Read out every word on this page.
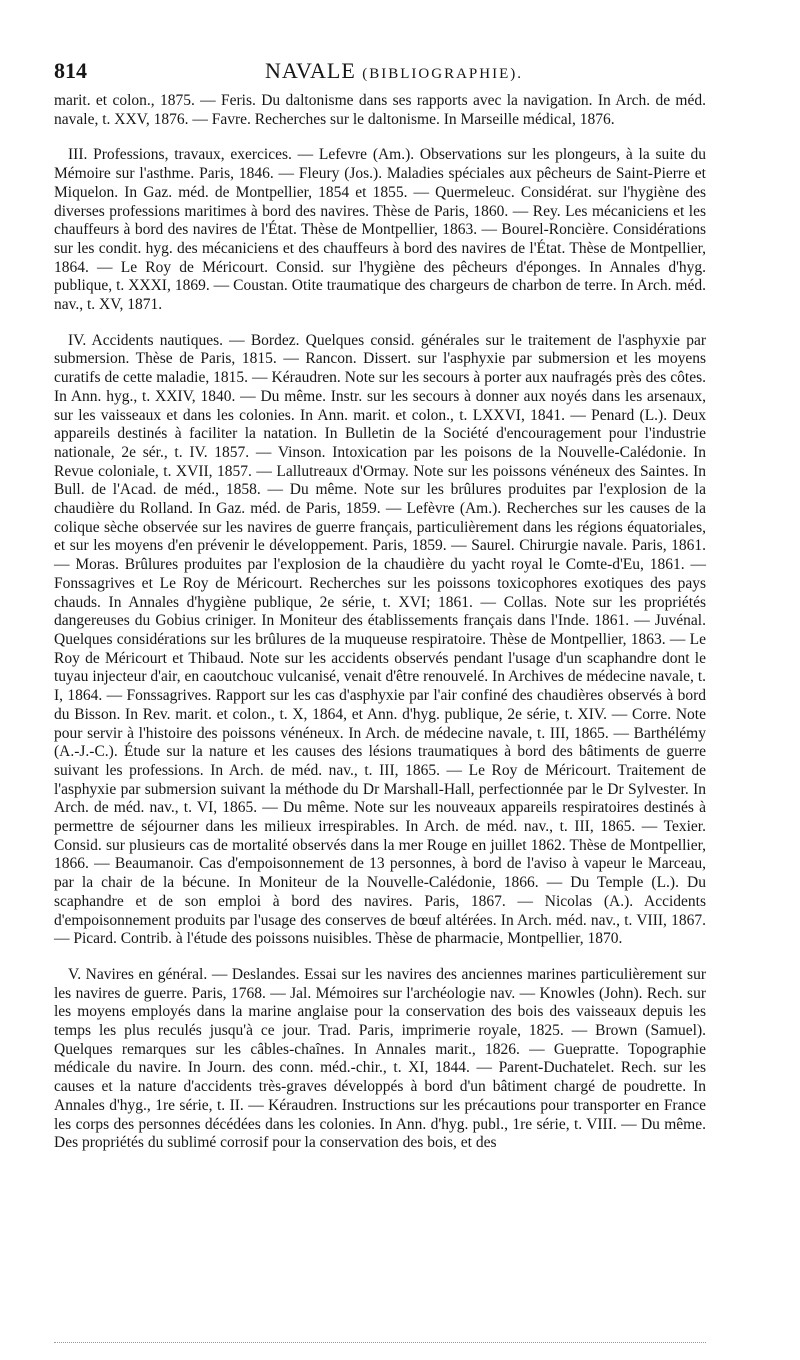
814	NAVALE (BIBLIOGRAPHIE).

marit. et colon., 1875. — Feris. Du daltonisme dans ses rapports avec la navigation. In Arch. de méd. navale, t. XXV, 1876. — Favre. Recherches sur le daltonisme. In Marseille médical, 1876.

III. Professions, travaux, exercices. — Lefevre (Am.). Observations sur les plongeurs, à la suite du Mémoire sur l'asthme. Paris, 1846. — Fleury (Jos.). Maladies spéciales aux pêcheurs de Saint-Pierre et Miquelon. In Gaz. méd. de Montpellier, 1854 et 1855. — Quermeleuc. Considérat. sur l'hygiène des diverses professions maritimes à bord des navires. Thèse de Paris, 1860. — Rey. Les mécaniciens et les chauffeurs à bord des navires de l'État. Thèse de Montpellier, 1863. — Bourel-Roncière. Considérations sur les condit. hyg. des mécaniciens et des chauffeurs à bord des navires de l'État. Thèse de Montpellier, 1864. — Le Roy de Méricourt. Consid. sur l'hygiène des pêcheurs d'éponges. In Annales d'hyg. publique, t. XXXI, 1869. — Coustan. Otite traumatique des chargeurs de charbon de terre. In Arch. méd. nav., t. XV, 1871.

IV. Accidents nautiques. — Bordez. Quelques consid. générales sur le traitement de l'asphyxie par submersion. Thèse de Paris, 1815. — Rancon. Dissert. sur l'asphyxie par submersion et les moyens curatifs de cette maladie, 1815. — Kéraudren. Note sur les secours à porter aux naufragés près des côtes. In Ann. hyg., t. XXIV, 1840. — Du même. Instr. sur les secours à donner aux noyés dans les arsenaux, sur les vaisseaux et dans les colonies. In Ann. marit. et colon., t. LXXVI, 1841. — Penard (L.). Deux appareils destinés à faciliter la natation. In Bulletin de la Société d'encouragement pour l'industrie nationale, 2e sér., t. IV. 1857. — Vinson. Intoxication par les poisons de la Nouvelle-Calédonie. In Revue coloniale, t. XVII, 1857. — Lallutreaux d'Ormay. Note sur les poissons vénéneux des Saintes. In Bull. de l'Acad. de méd., 1858. — Du même. Note sur les brûlures produites par l'explosion de la chaudière du Rolland. In Gaz. méd. de Paris, 1859. — Lefèvre (Am.). Recherches sur les causes de la colique sèche observée sur les navires de guerre français, particulièrement dans les régions équatoriales, et sur les moyens d'en prévenir le développement. Paris, 1859. — Saurel. Chirurgie navale. Paris, 1861. — Moras. Brûlures produites par l'explosion de la chaudière du yacht royal le Comte-d'Eu, 1861. — Fonssagrives et Le Roy de Méricourt. Recherches sur les poissons toxicophores exotiques des pays chauds. In Annales d'hygiène publique, 2e série, t. XVI; 1861. — Collas. Note sur les propriétés dangereuses du Gobius criniger. In Moniteur des établissements français dans l'Inde. 1861. — Juvénal. Quelques considérations sur les brûlures de la muqueuse respiratoire. Thèse de Montpellier, 1863. — Le Roy de Méricourt et Thibaud. Note sur les accidents observés pendant l'usage d'un scaphandre dont le tuyau injecteur d'air, en caoutchouc vulcanisé, venait d'être renouvelé. In Archives de médecine navale, t. I, 1864. — Fonssagrives. Rapport sur les cas d'asphyxie par l'air confiné des chaudières observés à bord du Bisson. In Rev. marit. et colon., t. X, 1864, et Ann. d'hyg. publique, 2e série, t. XIV. — Corre. Note pour servir à l'histoire des poissons vénéneux. In Arch. de médecine navale, t. III, 1865. — Barthélémy (A.-J.-C.). Étude sur la nature et les causes des lésions traumatiques à bord des bâtiments de guerre suivant les professions. In Arch. de méd. nav., t. III, 1865. — Le Roy de Méricourt. Traitement de l'asphyxie par submersion suivant la méthode du Dr Marshall-Hall, perfectionnée par le Dr Sylvester. In Arch. de méd. nav., t. VI, 1865. — Du même. Note sur les nouveaux appareils respiratoires destinés à permettre de séjourner dans les milieux irrespirables. In Arch. de méd. nav., t. III, 1865. — Texier. Consid. sur plusieurs cas de mortalité observés dans la mer Rouge en juillet 1862. Thèse de Montpellier, 1866. — Beaumanoir. Cas d'empoisonnement de 13 personnes, à bord de l'aviso à vapeur le Marceau, par la chair de la bécune. In Moniteur de la Nouvelle-Calédonie, 1866. — Du Temple (L.). Du scaphandre et de son emploi à bord des navires. Paris, 1867. — Nicolas (A.). Accidents d'empoisonnement produits par l'usage des conserves de bœuf altérées. In Arch. méd. nav., t. VIII, 1867. — Picard. Contrib. à l'étude des poissons nuisibles. Thèse de pharmacie, Montpellier, 1870.

V. Navires en général. — Deslandes. Essai sur les navires des anciennes marines particulièrement sur les navires de guerre. Paris, 1768. — Jal. Mémoires sur l'archéologie nav. — Knowles (John). Rech. sur les moyens employés dans la marine anglaise pour la conservation des bois des vaisseaux depuis les temps les plus reculés jusqu'à ce jour. Trad. Paris, imprimerie royale, 1825. — Brown (Samuel). Quelques remarques sur les câbles-chaînes. In Annales marit., 1826. — Guepratte. Topographie médicale du navire. In Journ. des conn. méd.-chir., t. XI, 1844. — Parent-Duchatelet. Rech. sur les causes et la nature d'accidents très-graves développés à bord d'un bâtiment chargé de poudrette. In Annales d'hyg., 1re série, t. II. — Kéraudren. Instructions sur les précautions pour transporter en France les corps des personnes décédées dans les colonies. In Ann. d'hyg. publ., 1re série, t. VIII. — Du même. Des propriétés du sublimé corrosif pour la conservation des bois, et des
